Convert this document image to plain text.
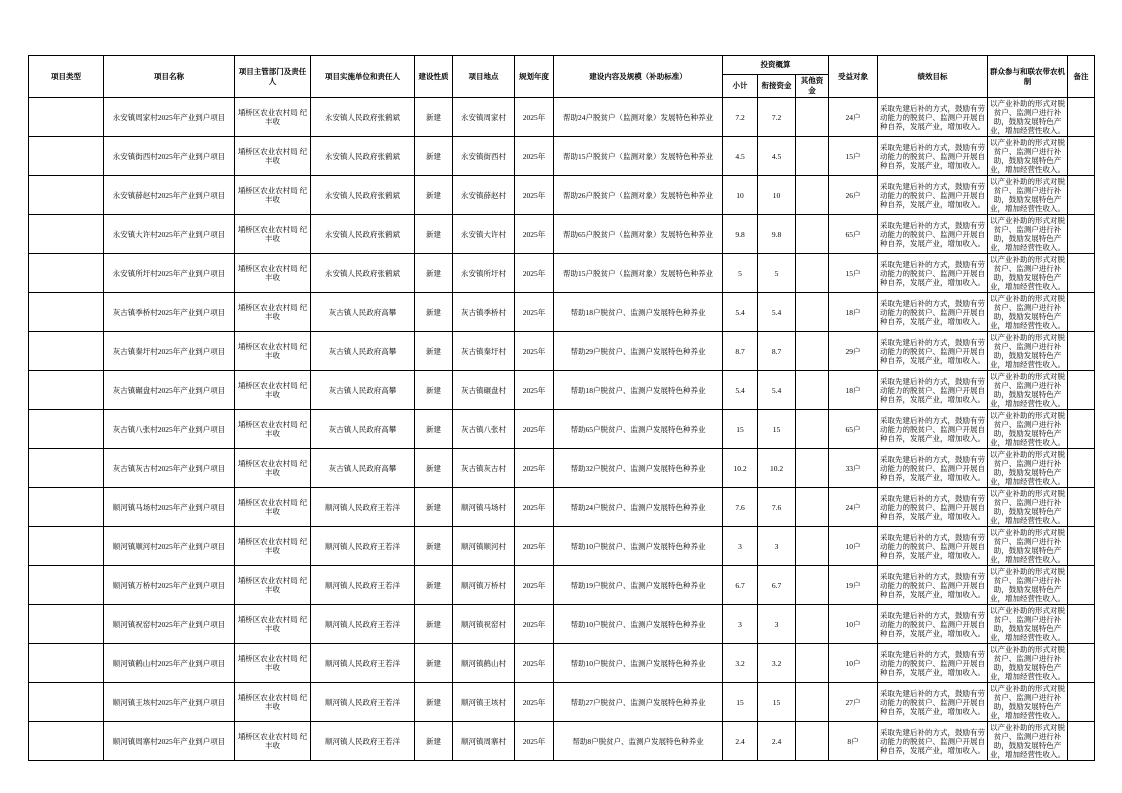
项目类型	项目名称	项目主管部门及责任人	项目实施单位和责任人	建设性质	项目地点	规划年度	建设内容及规模（补助标准）	投资概算			受益对象	绩效目标	群众参与和联农带农机制	备注
								小计	衔接资金	其他资金				
	永安镇周家村2025年产业到户项目	埇桥区农业农村局 纪丰收	永安镇人民政府张鹤斌	新建	永安镇周家村	2025年	帮助24户脱贫户（监测对象）发展特色种养业	7.2	7.2		24户	采取先建后补的方式，鼓励有劳动能力的脱贫户、监测户开展自种自养，发展产业，增加收入。	以产业补助的形式对脱贫户、监测户进行补助，鼓励发展特色产业，增加经营性收入。	
	永安镇街西村2025年产业到户项目	埇桥区农业农村局 纪丰收	永安镇人民政府张鹤斌	新建	永安镇街西村	2025年	帮助15户脱贫户（监测对象）发展特色种养业	4.5	4.5		15户	采取先建后补的方式，鼓励有劳动能力的脱贫户、监测户开展自种自养，发展产业，增加收入。	以产业补助的形式对脱贫户、监测户进行补助，鼓励发展特色产业，增加经营性收入。	
	永安镇薛赵村2025年产业到户项目	埇桥区农业农村局 纪丰收	永安镇人民政府张鹤斌	新建	永安镇薛赵村	2025年	帮助26户脱贫户（监测对象）发展特色种养业	10	10		26户	采取先建后补的方式，鼓励有劳动能力的脱贫户、监测户开展自种自养，发展产业，增加收入。	以产业补助的形式对脱贫户、监测户进行补助，鼓励发展特色产业，增加经营性收入。	
	永安镇大许村2025年产业到户项目	埇桥区农业农村局 纪丰收	永安镇人民政府张鹤斌	新建	永安镇大许村	2025年	帮助65户脱贫户（监测对象）发展特色种养业	9.8	9.8		65户	采取先建后补的方式，鼓励有劳动能力的脱贫户、监测户开展自种自养，发展产业，增加收入。	以产业补助的形式对脱贫户、监测户进行补助，鼓励发展特色产业，增加经营性收入。	
	永安镇所圩村2025年产业到户项目	埇桥区农业农村局 纪丰收	永安镇人民政府张鹤斌	新建	永安镇所圩村	2025年	帮助15户脱贫户（监测对象）发展特色种养业	5	5		15户	采取先建后补的方式，鼓励有劳动能力的脱贫户、监测户开展自种自养，发展产业，增加收入。	以产业补助的形式对脱贫户、监测户进行补助，鼓励发展特色产业，增加经营性收入。	
	灰古镇季桥村2025年产业到户项目	埇桥区农业农村局 纪丰收	灰古镇人民政府高攀	新建	灰古镇季桥村	2025年	帮助18户脱贫户、监测户发展特色种养业	5.4	5.4		18户	采取先建后补的方式，鼓励有劳动能力的脱贫户、监测户开展自种自养，发展产业，增加收入。	以产业补助的形式对脱贫户、监测户进行补助，鼓励发展特色产业，增加经营性收入。	
	灰古镇秦圩村2025年产业到户项目	埇桥区农业农村局 纪丰收	灰古镇人民政府高攀	新建	灰古镇秦圩村	2025年	帮助29户脱贫户、监测户发展特色种养业	8.7	8.7		29户	采取先建后补的方式，鼓励有劳动能力的脱贫户、监测户开展自种自养，发展产业，增加收入。	以产业补助的形式对脱贫户、监测户进行补助，鼓励发展特色产业，增加经营性收入。	
	灰古镇碾盘村2025年产业到户项目	埇桥区农业农村局 纪丰收	灰古镇人民政府高攀	新建	灰古镇碾盘村	2025年	帮助18户脱贫户、监测户发展特色种养业	5.4	5.4		18户	采取先建后补的方式，鼓励有劳动能力的脱贫户、监测户开展自种自养，发展产业，增加收入。	以产业补助的形式对脱贫户、监测户进行补助，鼓励发展特色产业，增加经营性收入。	
	灰古镇八张村2025年产业到户项目	埇桥区农业农村局 纪丰收	灰古镇人民政府高攀	新建	灰古镇八张村	2025年	帮助65户脱贫户、监测户发展特色种养业	15	15		65户	采取先建后补的方式，鼓励有劳动能力的脱贫户、监测户开展自种自养，发展产业，增加收入。	以产业补助的形式对脱贫户、监测户进行补助，鼓励发展特色产业，增加经营性收入。	
	灰古镇灰古村2025年产业到户项目	埇桥区农业农村局 纪丰收	灰古镇人民政府高攀	新建	灰古镇灰古村	2025年	帮助32户脱贫户、监测户发展特色种养业	10.2	10.2		33户	采取先建后补的方式，鼓励有劳动能力的脱贫户、监测户开展自种自养，发展产业，增加收入。	以产业补助的形式对脱贫户、监测户进行补助，鼓励发展特色产业，增加经营性收入。	
	顺河镇马场村2025年产业到户项目	埇桥区农业农村局 纪丰收	顺河镇人民政府王若洋	新建	顺河镇马场村	2025年	帮助24户脱贫户、监测户发展特色种养业	7.6	7.6		24户	采取先建后补的方式，鼓励有劳动能力的脱贫户、监测户开展自种自养，发展产业，增加收入。	以产业补助的形式对脱贫户、监测户进行补助，鼓励发展特色产业，增加经营性收入。	
	顺河镇顺河村2025年产业到户项目	埇桥区农业农村局 纪丰收	顺河镇人民政府王若洋	新建	顺河镇顺河村	2025年	帮助10户脱贫户、监测户发展特色种养业	3	3		10户	采取先建后补的方式，鼓励有劳动能力的脱贫户、监测户开展自种自养，发展产业，增加收入。	以产业补助的形式对脱贫户、监测户进行补助，鼓励发展特色产业，增加经营性收入。	
	顺河镇万桥村2025年产业到户项目	埇桥区农业农村局 纪丰收	顺河镇人民政府王若洋	新建	顺河镇万桥村	2025年	帮助19户脱贫户、监测户发展特色种养业	6.7	6.7		19户	采取先建后补的方式，鼓励有劳动能力的脱贫户、监测户开展自种自养，发展产业，增加收入。	以产业补助的形式对脱贫户、监测户进行补助，鼓励发展特色产业，增加经营性收入。	
	顺河镇祝窑村2025年产业到户项目	埇桥区农业农村局 纪丰收	顺河镇人民政府王若洋	新建	顺河镇祝窑村	2025年	帮助10户脱贫户、监测户发展特色种养业	3	3		10户	采取先建后补的方式，鼓励有劳动能力的脱贫户、监测户开展自种自养，发展产业，增加收入。	以产业补助的形式对脱贫户、监测户进行补助，鼓励发展特色产业，增加经营性收入。	
	顺河镇鹤山村2025年产业到户项目	埇桥区农业农村局 纪丰收	顺河镇人民政府王若洋	新建	顺河镇鹤山村	2025年	帮助10户脱贫户、监测户发展特色种养业	3.2	3.2		10户	采取先建后补的方式，鼓励有劳动能力的脱贫户、监测户开展自种自养，发展产业，增加收入。	以产业补助的形式对脱贫户、监测户进行补助，鼓励发展特色产业，增加经营性收入。	
	顺河镇王垓村2025年产业到户项目	埇桥区农业农村局 纪丰收	顺河镇人民政府王若洋	新建	顺河镇王垓村	2025年	帮助27户脱贫户、监测户发展特色种养业	15	15		27户	采取先建后补的方式，鼓励有劳动能力的脱贫户、监测户开展自种自养，发展产业，增加收入。	以产业补助的形式对脱贫户、监测户进行补助，鼓励发展特色产业，增加经营性收入。	
	顺河镇周寨村2025年产业到户项目	埇桥区农业农村局 纪丰收	顺河镇人民政府王若洋	新建	顺河镇周寨村	2025年	帮助8户脱贫户、监测户发展特色种养业	2.4	2.4		8户	采取先建后补的方式，鼓励有劳动能力的脱贫户、监测户开展自种自养，发展产业，增加收入。	以产业补助的形式对脱贫户、监测户进行补助，鼓励发展特色产业，增加经营性收入。	
